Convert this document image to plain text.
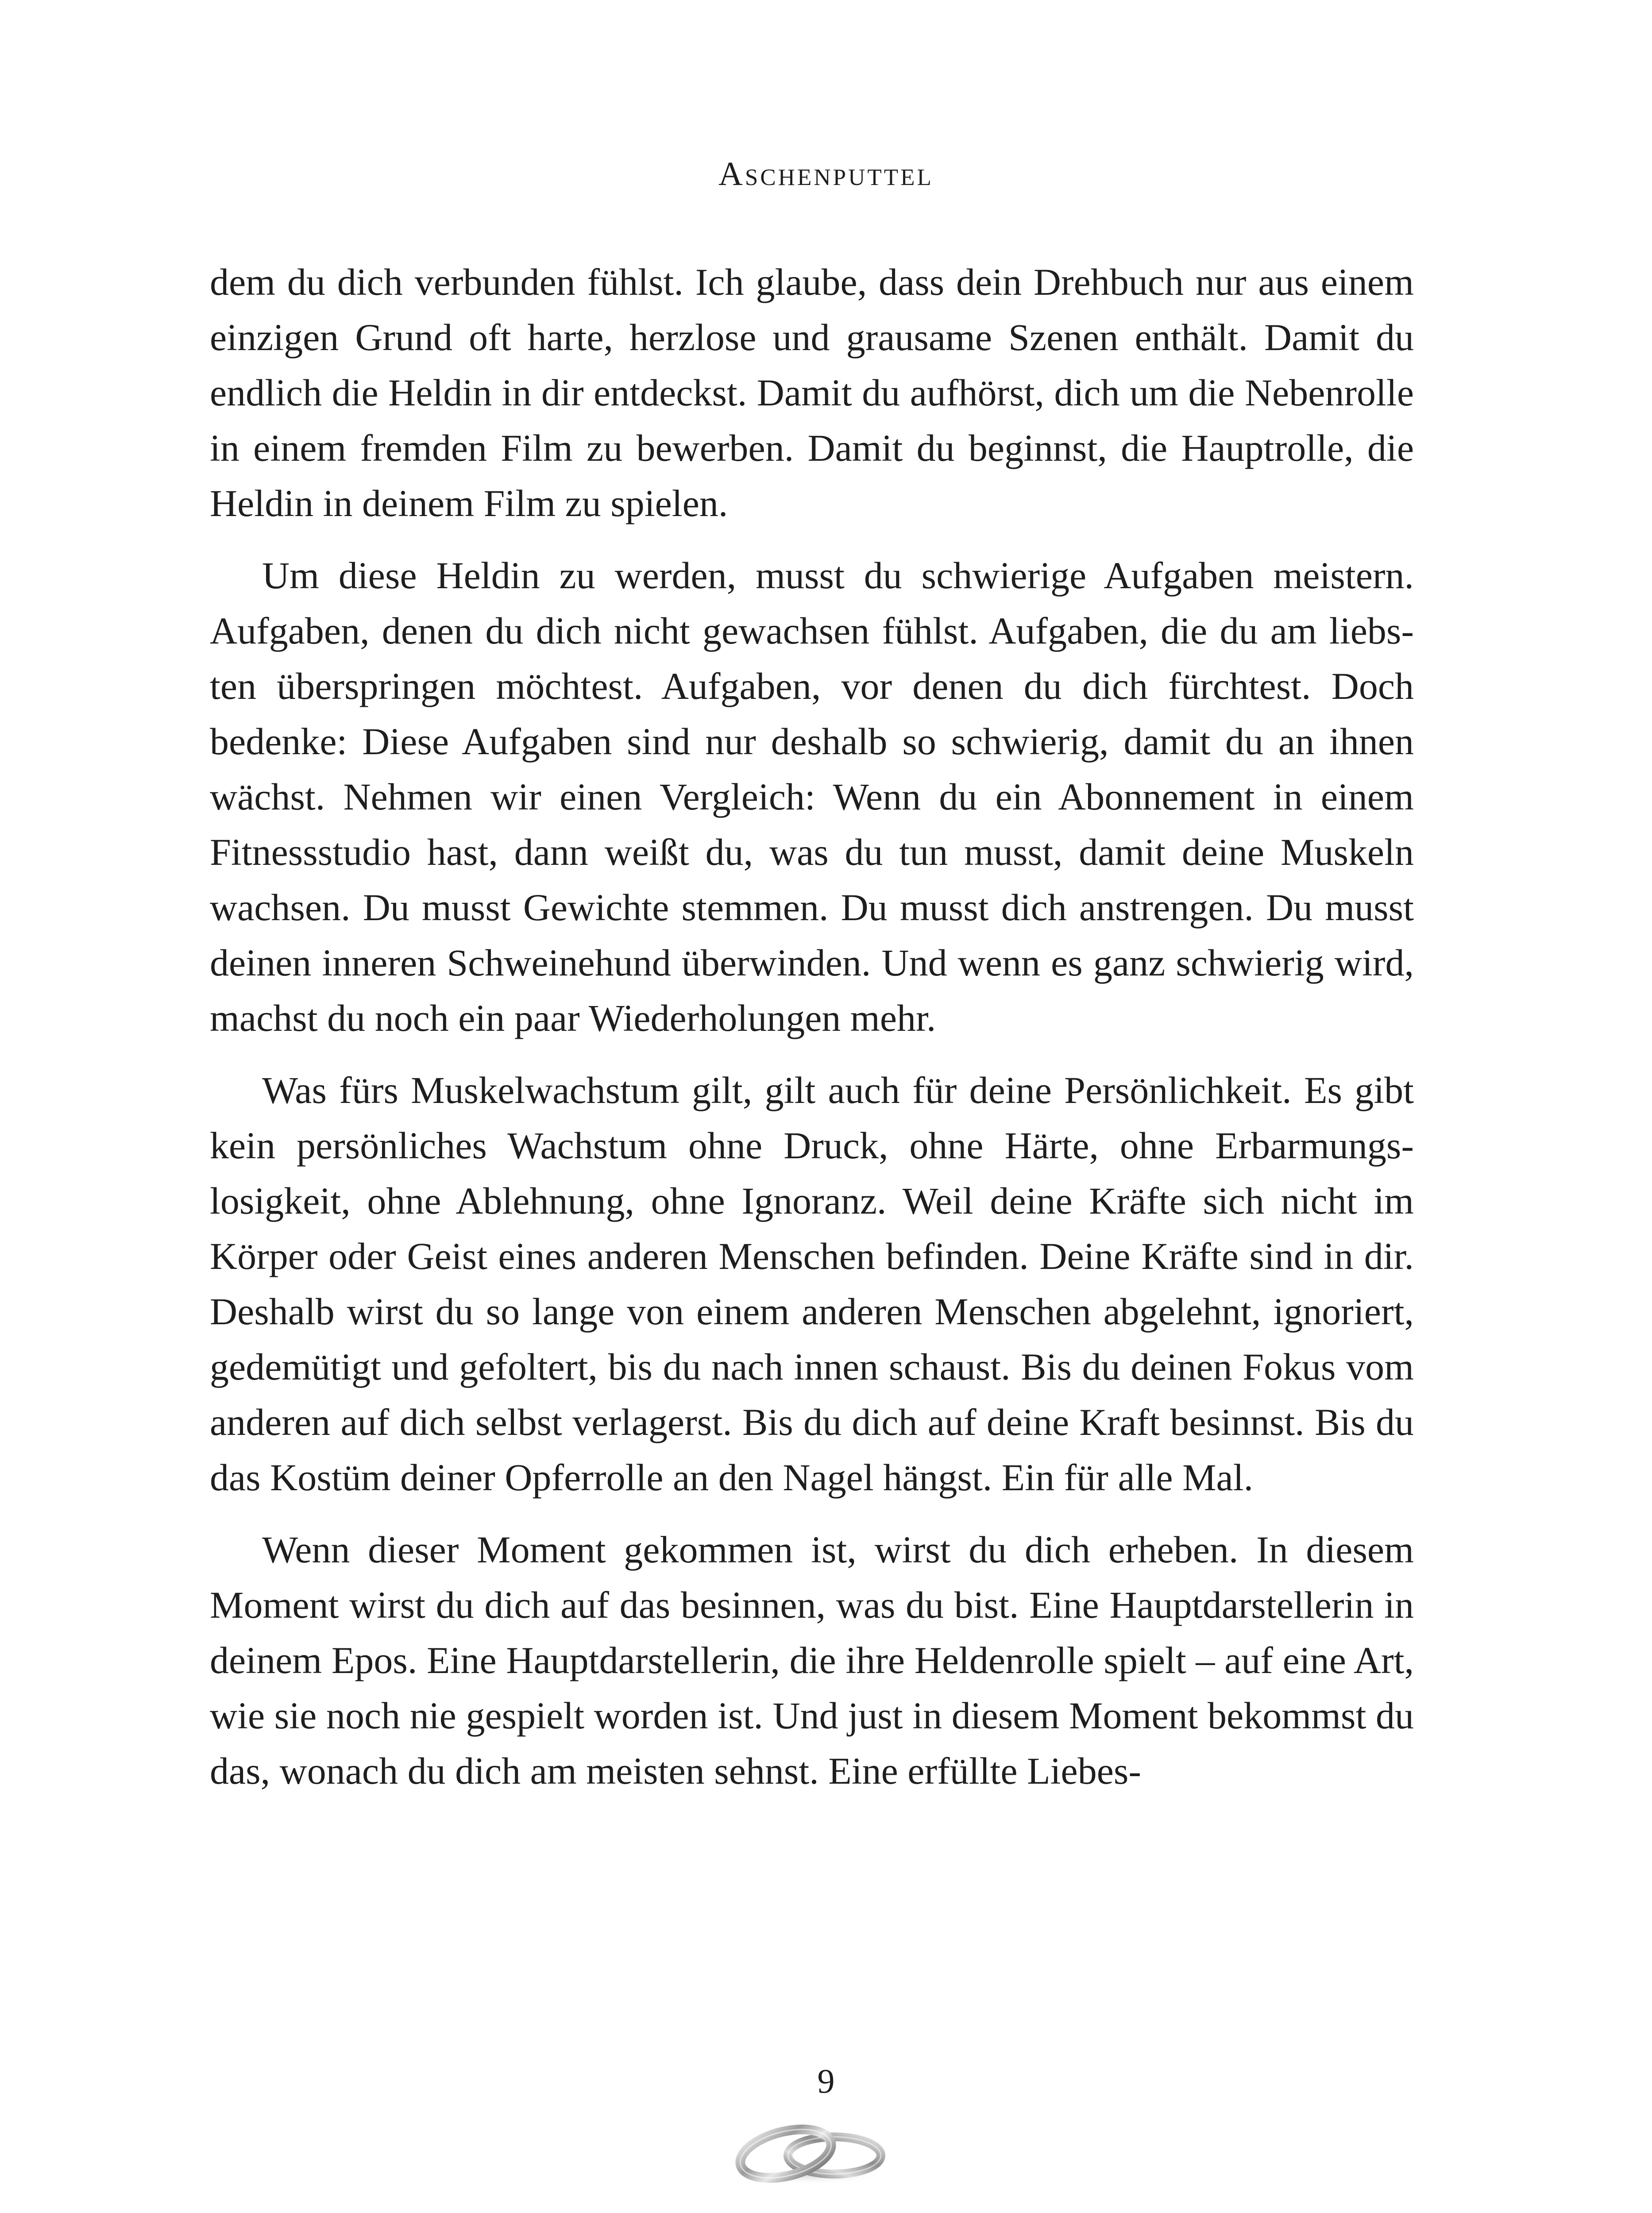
Aschenputtel

dem du dich verbunden fühlst. Ich glaube, dass dein Drehbuch nur aus einem einzigen Grund oft harte, herzlose und grausame Szenen enthält. Damit du endlich die Heldin in dir entdeckst. Damit du aufhörst, dich um die Nebenrolle in einem fremden Film zu bewerben. Damit du beginnst, die Hauptrolle, die Heldin in deinem Film zu spielen.

Um diese Heldin zu werden, musst du schwierige Aufgaben meistern. Aufgaben, denen du dich nicht gewachsen fühlst. Aufgaben, die du am liebsten überspringen möchtest. Aufgaben, vor denen du dich fürchtest. Doch bedenke: Diese Aufgaben sind nur deshalb so schwierig, damit du an ihnen wächst. Nehmen wir einen Vergleich: Wenn du ein Abonnement in einem Fitnessstudio hast, dann weißt du, was du tun musst, damit deine Muskeln wachsen. Du musst Gewichte stemmen. Du musst dich anstrengen. Du musst deinen inneren Schweinehund überwinden. Und wenn es ganz schwierig wird, machst du noch ein paar Wiederholungen mehr.

Was fürs Muskelwachstum gilt, gilt auch für deine Persönlichkeit. Es gibt kein persönliches Wachstum ohne Druck, ohne Härte, ohne Erbarmungslosigkeit, ohne Ablehnung, ohne Ignoranz. Weil deine Kräfte sich nicht im Körper oder Geist eines anderen Menschen befinden. Deine Kräfte sind in dir. Deshalb wirst du so lange von einem anderen Menschen abgelehnt, ignoriert, gedemütigt und gefoltert, bis du nach innen schaust. Bis du deinen Fokus vom anderen auf dich selbst verlagerst. Bis du dich auf deine Kraft besinnst. Bis du das Kostüm deiner Opferrolle an den Nagel hängst. Ein für alle Mal.

Wenn dieser Moment gekommen ist, wirst du dich erheben. In diesem Moment wirst du dich auf das besinnen, was du bist. Eine Hauptdarstellerin in deinem Epos. Eine Hauptdarstellerin, die ihre Heldenrolle spielt – auf eine Art, wie sie noch nie gespielt worden ist. Und just in diesem Moment bekommst du das, wonach du dich am meisten sehnst. Eine erfüllte Liebes-

9
